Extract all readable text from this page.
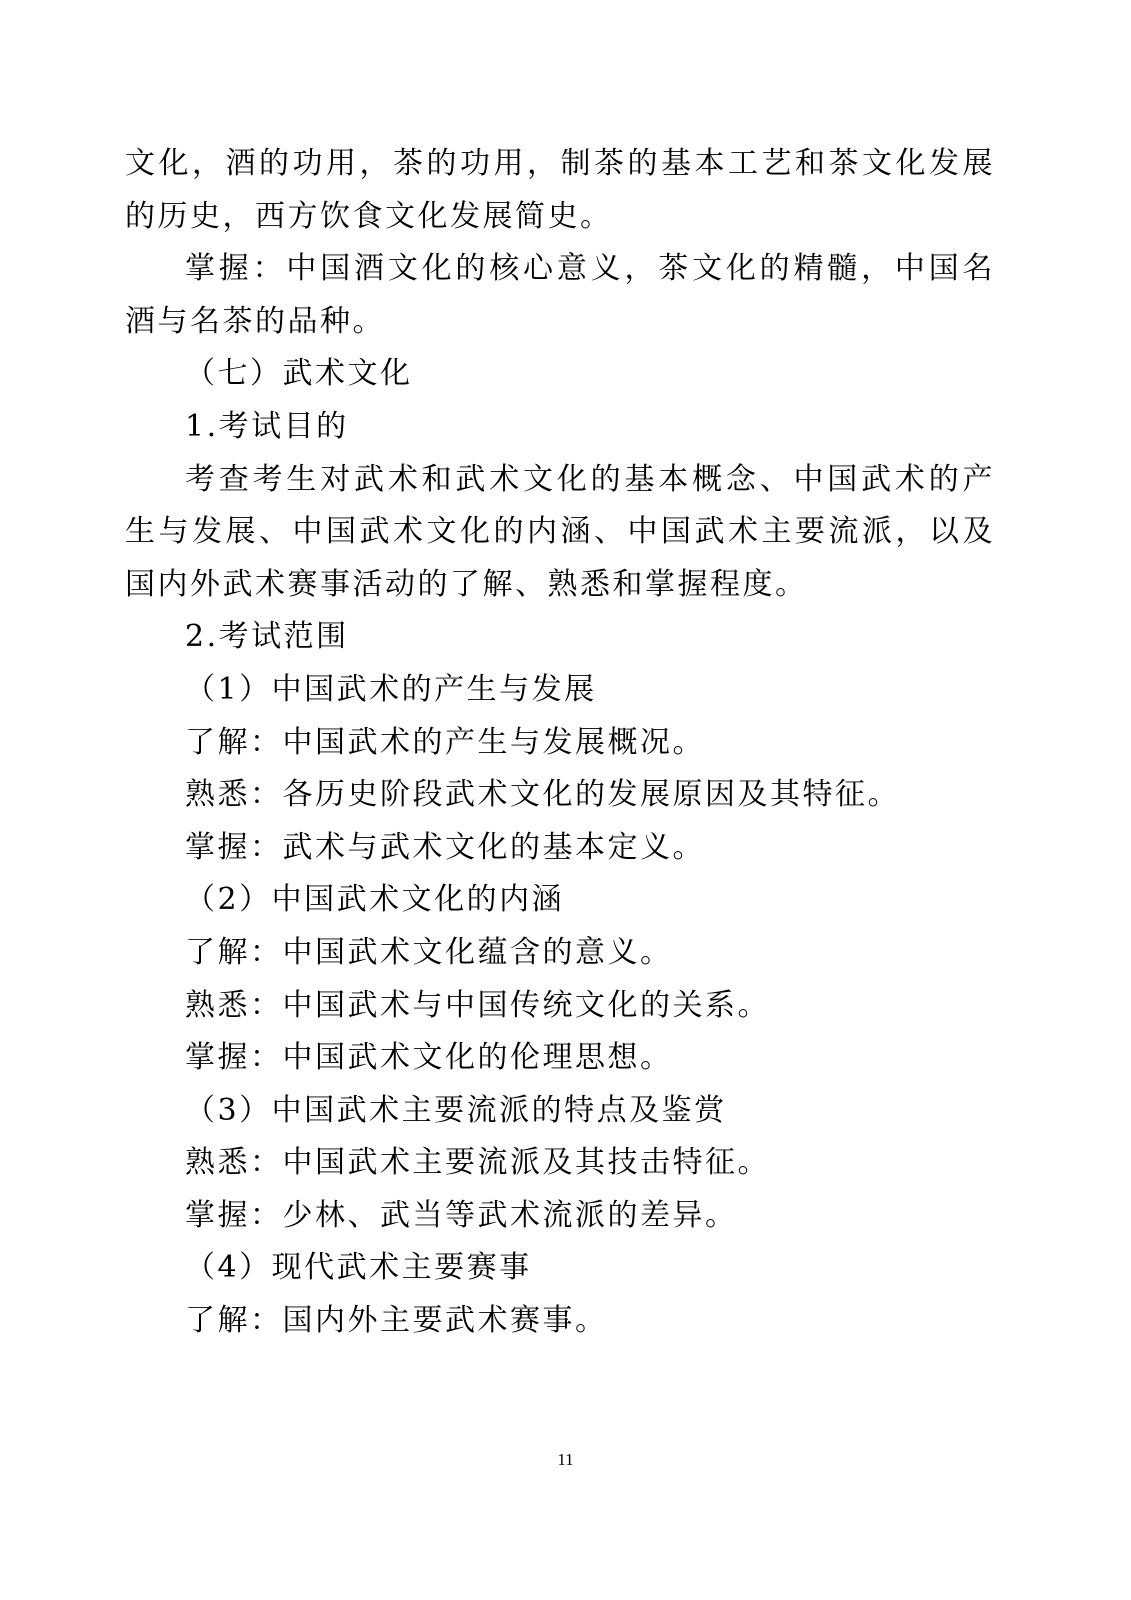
文化，酒的功用，茶的功用，制茶的基本工艺和茶文化发展的历史，西方饮食文化发展简史。

掌握：中国酒文化的核心意义，茶文化的精髓，中国名酒与名茶的品种。

（七）武术文化

1.考试目的

考查考生对武术和武术文化的基本概念、中国武术的产生与发展、中国武术文化的内涵、中国武术主要流派，以及国内外武术赛事活动的了解、熟悉和掌握程度。

2.考试范围

（1）中国武术的产生与发展

了解：中国武术的产生与发展概况。

熟悉：各历史阶段武术文化的发展原因及其特征。

掌握：武术与武术文化的基本定义。

（2）中国武术文化的内涵

了解：中国武术文化蕴含的意义。

熟悉：中国武术与中国传统文化的关系。

掌握：中国武术文化的伦理思想。

（3）中国武术主要流派的特点及鉴赏

熟悉：中国武术主要流派及其技击特征。

掌握：少林、武当等武术流派的差异。

（4）现代武术主要赛事

了解：国内外主要武术赛事。

11
